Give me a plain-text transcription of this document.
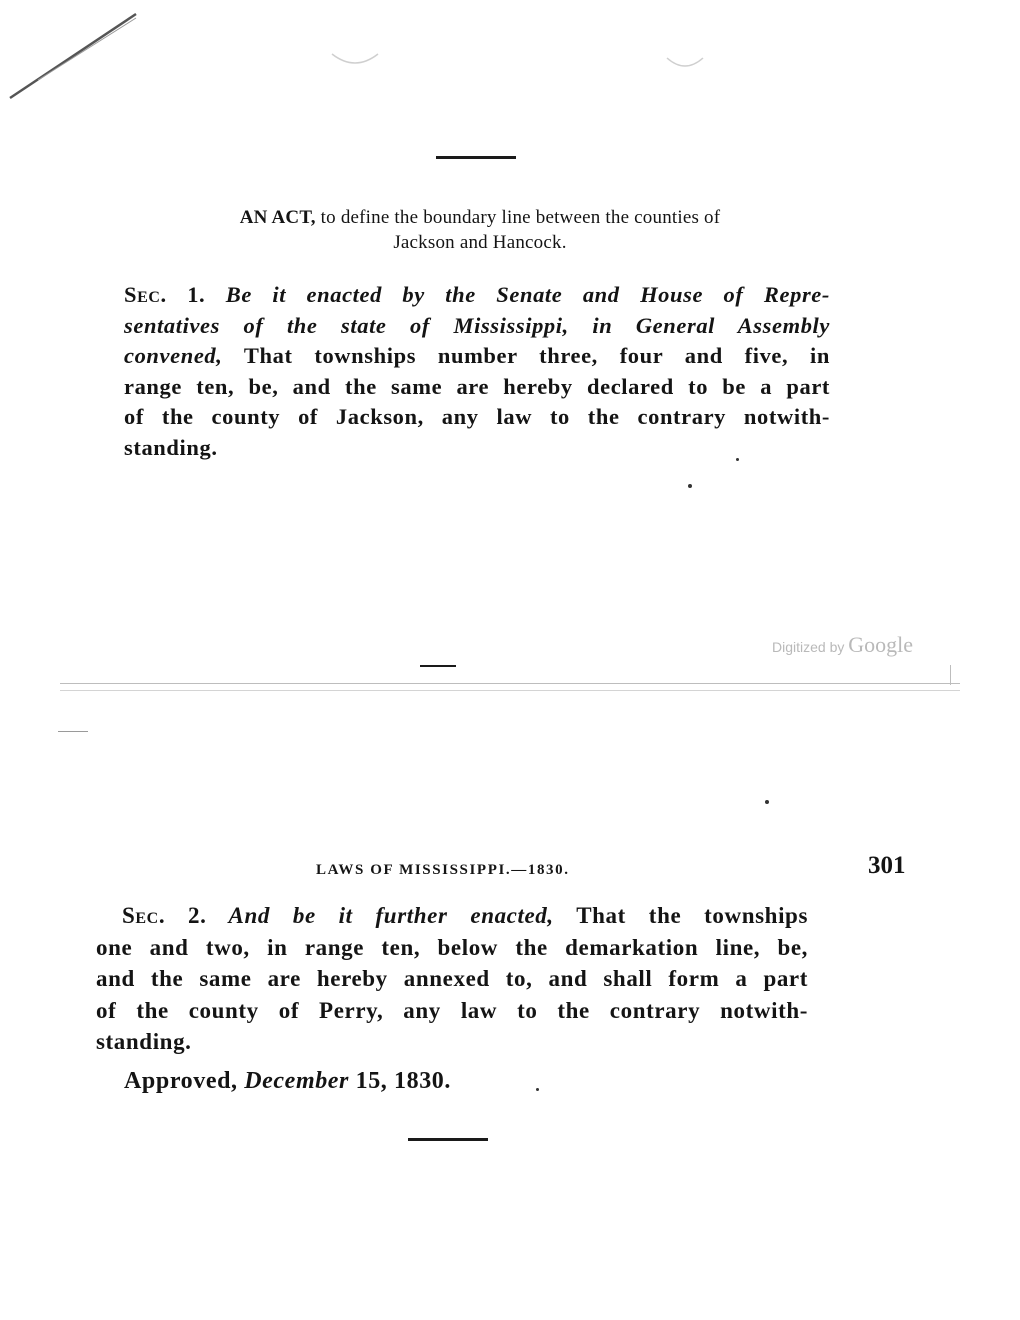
AN ACT, to define the boundary line between the counties of
Jackson and Hancock.
Sec. 1. Be it enacted by the Senate and House of Repre-
sentatives of the state of Mississippi, in General Assembly
convened, That townships number three, four and five, in
range ten, be, and the same are hereby declared to be a part
of the county of Jackson, any law to the contrary notwith-
standing.
Digitized by Google
LAWS OF MISSISSIPPI.—1830.	301
Sec. 2. And be it further enacted, That the townships
one and two, in range ten, below the demarkation line, be,
and the same are hereby annexed to, and shall form a part
of the county of Perry, any law to the contrary notwith-
standing.
Approved, December 15, 1830.
